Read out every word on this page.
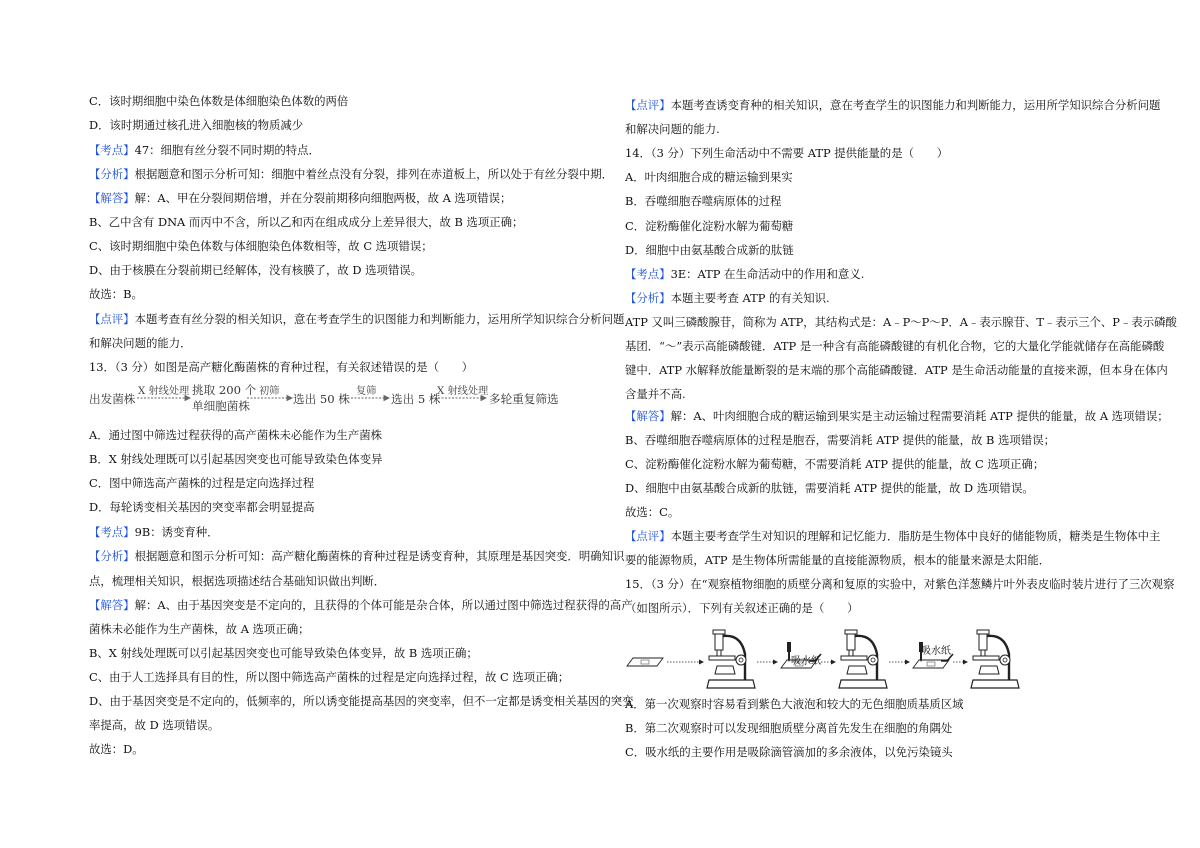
C．该时期细胞中染色体数是体细胞染色体数的两倍
D．该时期通过核孔进入细胞核的物质减少
【考点】47：细胞有丝分裂不同时期的特点．
【分析】根据题意和图示分析可知：细胞中着丝点没有分裂，排列在赤道板上，所以处于有丝分裂中期．
【解答】解：A、甲在分裂间期倍增，并在分裂前期移向细胞两极，故 A 选项错误；
B、乙中含有 DNA 而丙中不含，所以乙和丙在组成成分上差异很大，故 B 选项正确；
C、该时期细胞中染色体数与体细胞染色体数相等，故 C 选项错误；
D、由于核膜在分裂前期已经解体，没有核膜了，故 D 选项错误。
故选：B。
【点评】本题考查有丝分裂的相关知识，意在考查学生的识图能力和判断能力，运用所学知识综合分析问题
和解决问题的能力．
13．（3 分）如图是高产糖化酶菌株的育种过程，有关叙述错误的是（　　）
A．通过图中筛选过程获得的高产菌株未必能作为生产菌株
B．X 射线处理既可以引起基因突变也可能导致染色体变异
C．图中筛选高产菌株的过程是定向选择过程
D．每轮诱变相关基因的突变率都会明显提高
【考点】9B：诱变育种．
【分析】根据题意和图示分析可知：高产糖化酶菌株的育种过程是诱变育种，其原理是基因突变．明确知识
点，梳理相关知识，根据选项描述结合基础知识做出判断．
【解答】解：A、由于基因突变是不定向的，且获得的个体可能是杂合体，所以通过图中筛选过程获得的高产
菌株未必能作为生产菌株，故 A 选项正确；
B、X 射线处理既可以引起基因突变也可能导致染色体变异，故 B 选项正确；
C、由于人工选择具有目的性，所以图中筛选高产菌株的过程是定向选择过程，故 C 选项正确；
D、由于基因突变是不定向的，低频率的，所以诱变能提高基因的突变率，但不一定都是诱变相关基因的突变
率提高，故 D 选项错误。
故选：D。
【点评】本题考查诱变育种的相关知识，意在考查学生的识图能力和判断能力，运用所学知识综合分析问题
和解决问题的能力.
14．（3 分）下列生命活动中不需要 ATP 提供能量的是（　　）
A．叶肉细胞合成的糖运输到果实
B．吞噬细胞吞噬病原体的过程
C．淀粉酶催化淀粉水解为葡萄糖
D．细胞中由氨基酸合成新的肽链
【考点】3E：ATP 在生命活动中的作用和意义.
【分析】本题主要考查 ATP 的有关知识.
ATP 又叫三磷酸腺苷，简称为 ATP，其结构式是：A﹣P～P～P．A﹣表示腺苷、T﹣表示三个、P﹣表示磷酸
基团．“～”表示高能磷酸键．ATP 是一种含有高能磷酸键的有机化合物，它的大量化学能就储存在高能磷酸
键中．ATP 水解释放能量断裂的是末端的那个高能磷酸键．ATP 是生命活动能量的直接来源，但本身在体内
含量并不高.
【解答】解：A、叶肉细胞合成的糖运输到果实是主动运输过程需要消耗 ATP 提供的能量，故 A 选项错误；
B、吞噬细胞吞噬病原体的过程是胞吞，需要消耗 ATP 提供的能量，故 B 选项错误；
C、淀粉酶催化淀粉水解为葡萄糖，不需要消耗 ATP 提供的能量，故 C 选项正确；
D、细胞中由氨基酸合成新的肽链，需要消耗 ATP 提供的能量，故 D 选项错误。
故选：C。
【点评】本题主要考查学生对知识的理解和记忆能力．脂肪是生物体中良好的储能物质，糖类是生物体中主
要的能源物质，ATP 是生物体所需能量的直接能源物质，根本的能量来源是太阳能．
15．（3 分）在“观察植物细胞的质壁分离和复原的实验中，对紫色洋葱鳞片叶外表皮临时装片进行了三次观察
（如图所示）．下列有关叙述正确的是（　　）
A．第一次观察时容易看到紫色大液泡和较大的无色细胞质基质区域
B．第二次观察时可以发现细胞质壁分离首先发生在细胞的角隅处
C．吸水纸的主要作用是吸除滴管滴加的多余液体，以免污染镜头
出发菌株
X 射线处理 挑取 200 个
单细胞菌株
初筛
选出 50 株
复筛
选出 5 株
X 射线处理
多轮重复筛选
吸水纸
吸水纸
